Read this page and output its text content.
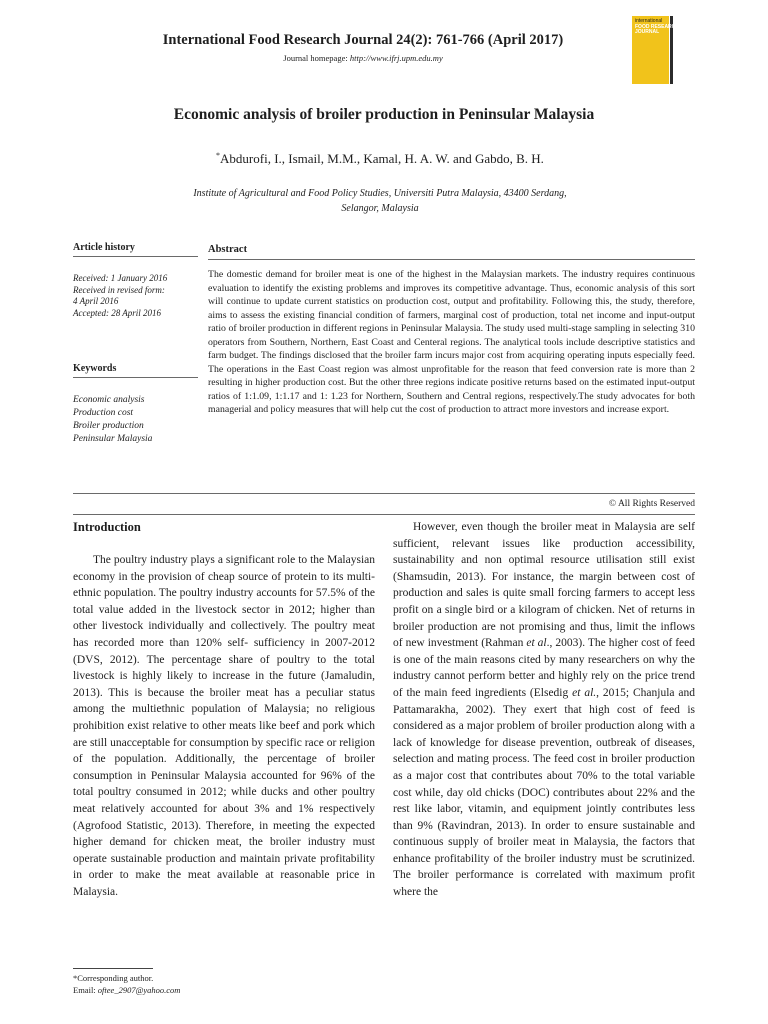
International Food Research Journal 24(2): 761-766 (April 2017)
Journal homepage: http://www.ifrj.upm.edu.my
international
FOOD RESEARCH
JOURNAL
Economic analysis of broiler production in Peninsular Malaysia
*Abdurofi, I., Ismail, M.M., Kamal, H. A. W. and Gabdo, B. H.
Institute of Agricultural and Food Policy Studies, Universiti Putra Malaysia, 43400 Serdang,
Selangor, Malaysia
Article history
Received: 1 January 2016
Received in revised form:
4 April 2016
Accepted: 28 April 2016
Keywords
Economic analysis
Production cost
Broiler production
Peninsular Malaysia
Abstract

The domestic demand for broiler meat is one of the highest in the Malaysian markets. The industry requires continuous evaluation to identify the existing problems and improves its competitive advantage. Thus, economic analysis of this sort will continue to update current statistics on production cost, output and profitability. Following this, the study, therefore, aims to assess the existing financial condition of farmers, marginal cost of production, total net income and input-output ratio of broiler production in different regions in Peninsular Malaysia. The study used multi-stage sampling in selecting 310 operators from Southern, Northern, East Coast and Centeral regions. The analytical tools include descriptive statistics and farm budget. The findings disclosed that the broiler farm incurs major cost from acquiring operating inputs especially feed. The operations in the East Coast region was almost unprofitable for the reason that feed conversion rate is more than 2 resulting in higher production cost. But the other three regions indicate positive returns based on the estimated input-output ratios of 1:1.09, 1:1.17 and 1: 1.23 for Northern, Southern and Central regions, respectively.The study advocates for both managerial and policy measures that will help cut the cost of production to attract more investors and increase export.

© All Rights Reserved
Introduction

The poultry industry plays a significant role to the Malaysian economy in the provision of cheap source of protein to its multi-ethnic population. The poultry industry accounts for 57.5% of the total value added in the livestock sector in 2012; higher than other livestock individually and collectively. The poultry meat has recorded more than 120% self- sufficiency in 2007-2012 (DVS, 2012). The percentage share of poultry to the total livestock is highly likely to increase in the future (Jamaludin, 2013). This is because the broiler meat has a peculiar status among the multiethnic population of Malaysia; no religious prohibition exist relative to other meats like beef and pork which are still unacceptable for consumption by specific race or religion of the population. Additionally, the percentage of broiler consumption in Peninsular Malaysia accounted for 96% of the total poultry consumed in 2012; while ducks and other poultry meat relatively accounted for about 3% and 1% respectively (Agrofood Statistic, 2013). Therefore, in meeting the expected higher demand for chicken meat, the broiler industry must operate sustainable production and maintain private profitability in order to make the meat available at reasonable price in Malaysia.

However, even though the broiler meat in Malaysia are self sufficient, relevant issues like production accessibility, sustainability and non optimal resource utilisation still exist (Shamsudin, 2013). For instance, the margin between cost of production and sales is quite small forcing farmers to accept less profit on a single bird or a kilogram of chicken. Net of returns in broiler production are not promising and thus, limit the inflows of new investment (Rahman et al., 2003). The higher cost of feed is one of the main reasons cited by many researchers on why the industry cannot perform better and highly rely on the price trend of the main feed ingredients (Elsedig et al., 2015; Chanjula and Pattamarakha, 2002). They exert that high cost of feed is considered as a major problem of broiler production along with a lack of knowledge for disease prevention, outbreak of diseases, selection and mating process. The feed cost in broiler production as a major cost that contributes about 70% to the total variable cost while, day old chicks (DOC) contributes about 22% and the rest like labor, vitamin, and equipment jointly contributes less than 9% (Ravindran, 2013). In order to ensure sustainable and continuous supply of broiler meat in Malaysia, the factors that enhance profitability of the broiler industry must be scrutinized. The broiler performance is correlated with maximum profit where the

*Corresponding author.
Email: oftee_2907@yahoo.com
